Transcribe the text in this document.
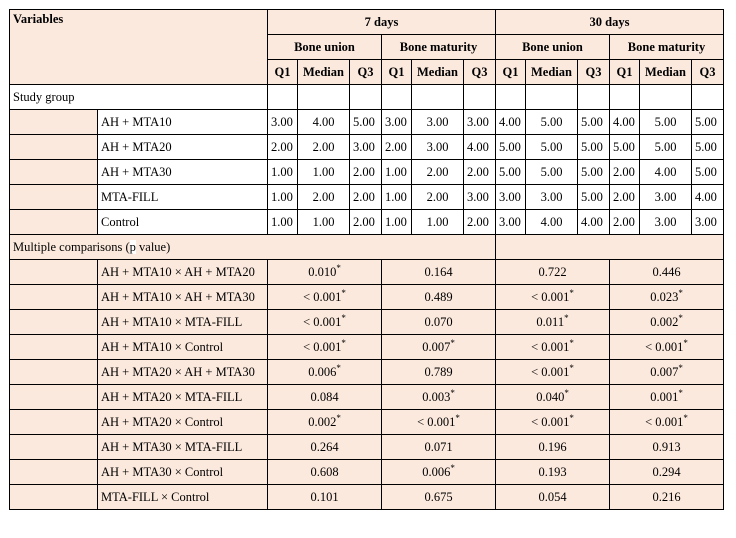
Variables		7 days						30 days					
		Bone union			Bone maturity			Bone union			Bone maturity		
		Q1	Median	Q3	Q1	Median	Q3	Q1	Median	Q3	Q1	Median	Q3
Study group													
	AH + MTA10	3.00	4.00	5.00	3.00	3.00	3.00	4.00	5.00	5.00	4.00	5.00	5.00
	AH + MTA20	2.00	2.00	3.00	2.00	3.00	4.00	5.00	5.00	5.00	5.00	5.00	5.00
	AH + MTA30	1.00	1.00	2.00	1.00	2.00	2.00	5.00	5.00	5.00	2.00	4.00	5.00
	MTA-FILL	1.00	2.00	2.00	1.00	2.00	3.00	3.00	3.00	5.00	2.00	3.00	4.00
	Control	1.00	1.00	2.00	1.00	1.00	2.00	3.00	4.00	4.00	2.00	3.00	3.00
Multiple comparisons (p value)													
	AH + MTA10 × AH + MTA20	0.010*			0.164			0.722			0.446		
	AH + MTA10 × AH + MTA30	< 0.001*			0.489			< 0.001*			0.023*
	AH + MTA10 × MTA-FILL	< 0.001*			0.070			0.011*			0.002*
	AH + MTA10 × Control	< 0.001*			0.007*			< 0.001*			< 0.001*
	AH + MTA20 × AH + MTA30	0.006*			0.789			< 0.001*			0.007*
	AH + MTA20 × MTA-FILL	0.084			0.003*			0.040*			0.001*
	AH + MTA20 × Control	0.002*			< 0.001*			< 0.001*			< 0.001*
	AH + MTA30 × MTA-FILL	0.264			0.071			0.196			0.913		
	AH + MTA30 × Control	0.608			0.006*			0.193			0.294		
	MTA-FILL × Control	0.101			0.675			0.054			0.216		
